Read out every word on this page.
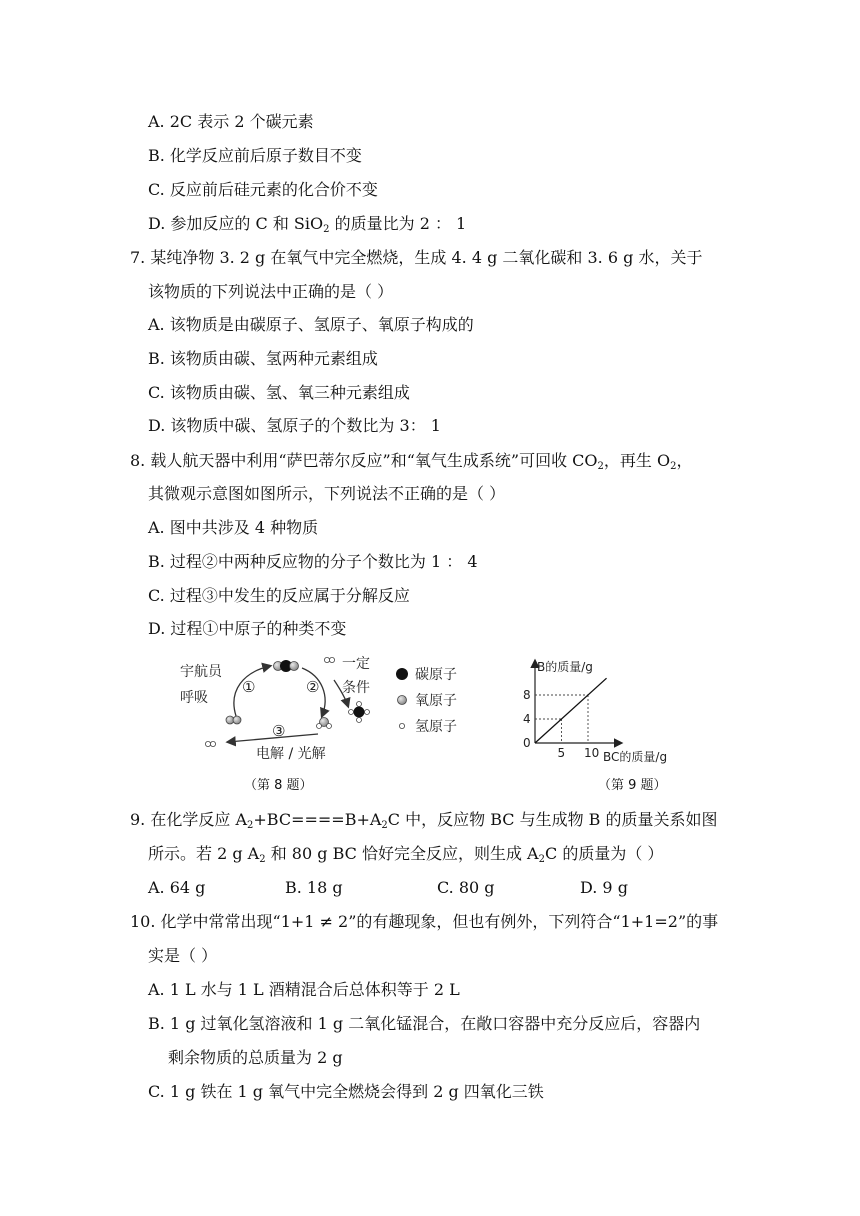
A. 2C 表示 2 个碳元素
B. 化学反应前后原子数目不变
C. 反应前后硅元素的化合价不变
D. 参加反应的 C 和 SiO$_2$ 的质量比为 2 ： 1
7. 某纯净物 3. 2 g 在氧气中完全燃烧，生成 4. 4 g 二氧化碳和 3. 6 g 水，关于
该物质的下列说法中正确的是（ ）
A. 该物质是由碳原子、氢原子、氧原子构成的
B. 该物质由碳、氢两种元素组成
C. 该物质由碳、氢、氧三种元素组成
D. 该物质中碳、氢原子的个数比为 3： 1
8. 载人航天器中利用“萨巴蒂尔反应”和“氧气生成系统”可回收 $CO_2$，再生 $O_2$，
其微观示意图如图所示，下列说法不正确的是（ ）
A. 图中共涉及 4 种物质
B. 过程②中两种反应物的分子个数比为 1 ： 4
C. 过程③中发生的反应属于分解反应
D. 过程①中原子的种类不变
宇航员
呼吸
①	②
③
一定
条件
电解 / 光解
碳原子
氧原子
氢原子
（第 8 题）
B的质量/g
BC的质量/g
0
5 10
4
8
（第 9 题）
9. 在化学反应 $A_2+BC====B+A_2C$ 中，反应物 BC 与生成物 B 的质量关系如图
所示。若 2 g $A_2$ 和 80 g BC 恰好完全反应，则生成 $A_2C$ 的质量为（ ）
A. 64 g	B. 18 g	C. 80 g	D. 9 g
10. 化学中常常出现“1+1 ≠ 2”的有趣现象，但也有例外，下列符合“1+1=2”的事
实是（ ）
A. 1 L 水与 1 L 酒精混合后总体积等于 2 L
B. 1 g 过氧化氢溶液和 1 g 二氧化锰混合，在敞口容器中充分反应后，容器内
剩余物质的总质量为 2 g
C. 1 g 铁在 1 g 氧气中完全燃烧会得到 2 g 四氧化三铁
